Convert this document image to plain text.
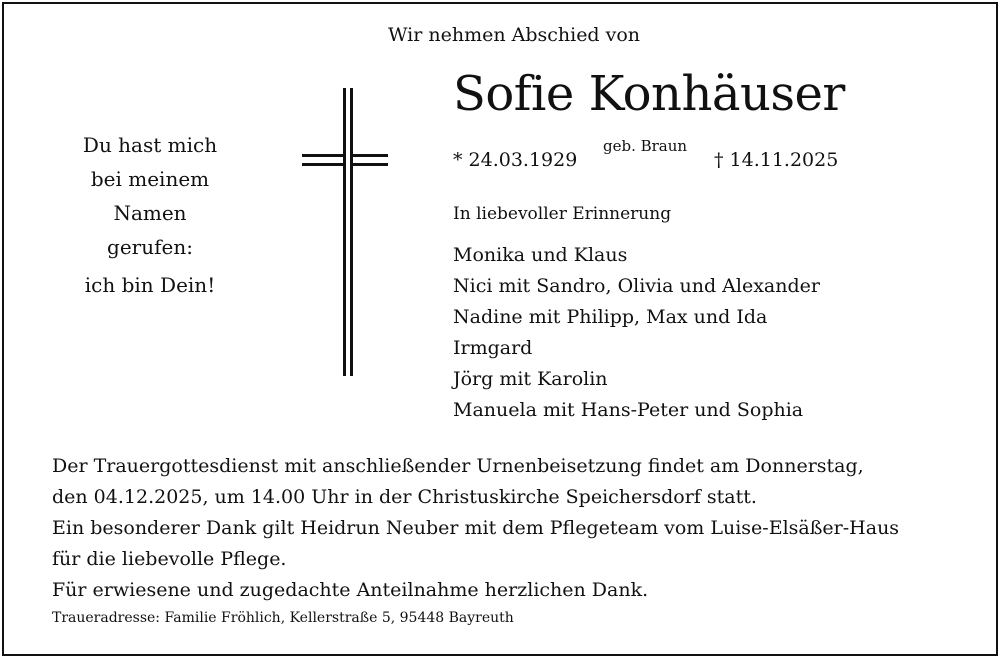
Wir nehmen Abschied von
Sofie Konhäuser
* 24.03.1929
geb. Braun
† 14.11.2025
In liebevoller Erinnerung
Monika und Klaus
Nici mit Sandro, Olivia und Alexander
Nadine mit Philipp, Max und Ida
Irmgard
Jörg mit Karolin
Manuela mit Hans-Peter und Sophia
Du hast mich
bei meinem
Namen
gerufen:
ich bin Dein!
Der Trauergottesdienst mit anschließender Urnenbeisetzung findet am Donnerstag,
den 04.12.2025, um 14.00 Uhr in der Christuskirche Speichersdorf statt.
Ein besonderer Dank gilt Heidrun Neuber mit dem Pflegeteam vom Luise-Elsäßer-Haus
für die liebevolle Pflege.
Für erwiesene und zugedachte Anteilnahme herzlichen Dank.
Traueradresse: Familie Fröhlich, Kellerstraße 5, 95448 Bayreuth
